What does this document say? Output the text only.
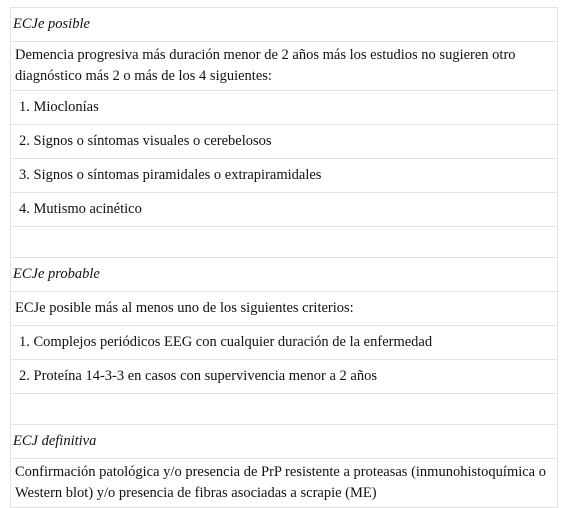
ECJe posible
Demencia progresiva más duración menor de 2 años más los estudios no sugieren otro diagnóstico más 2 o más de los 4 siguientes:
1. Mioclonías
2. Signos o síntomas visuales o cerebelosos
3. Signos o síntomas piramidales o extrapiramidales
4. Mutismo acinético
ECJe probable
ECJe posible más al menos uno de los siguientes criterios:
1. Complejos periódicos EEG con cualquier duración de la enfermedad
2. Proteína 14-3-3 en casos con supervivencia menor a 2 años
ECJ definitiva
Confirmación patológica y/o presencia de PrP resistente a proteasas (inmunohistoquímica o Western blot) y/o presencia de fibras asociadas a scrapie (ME)
